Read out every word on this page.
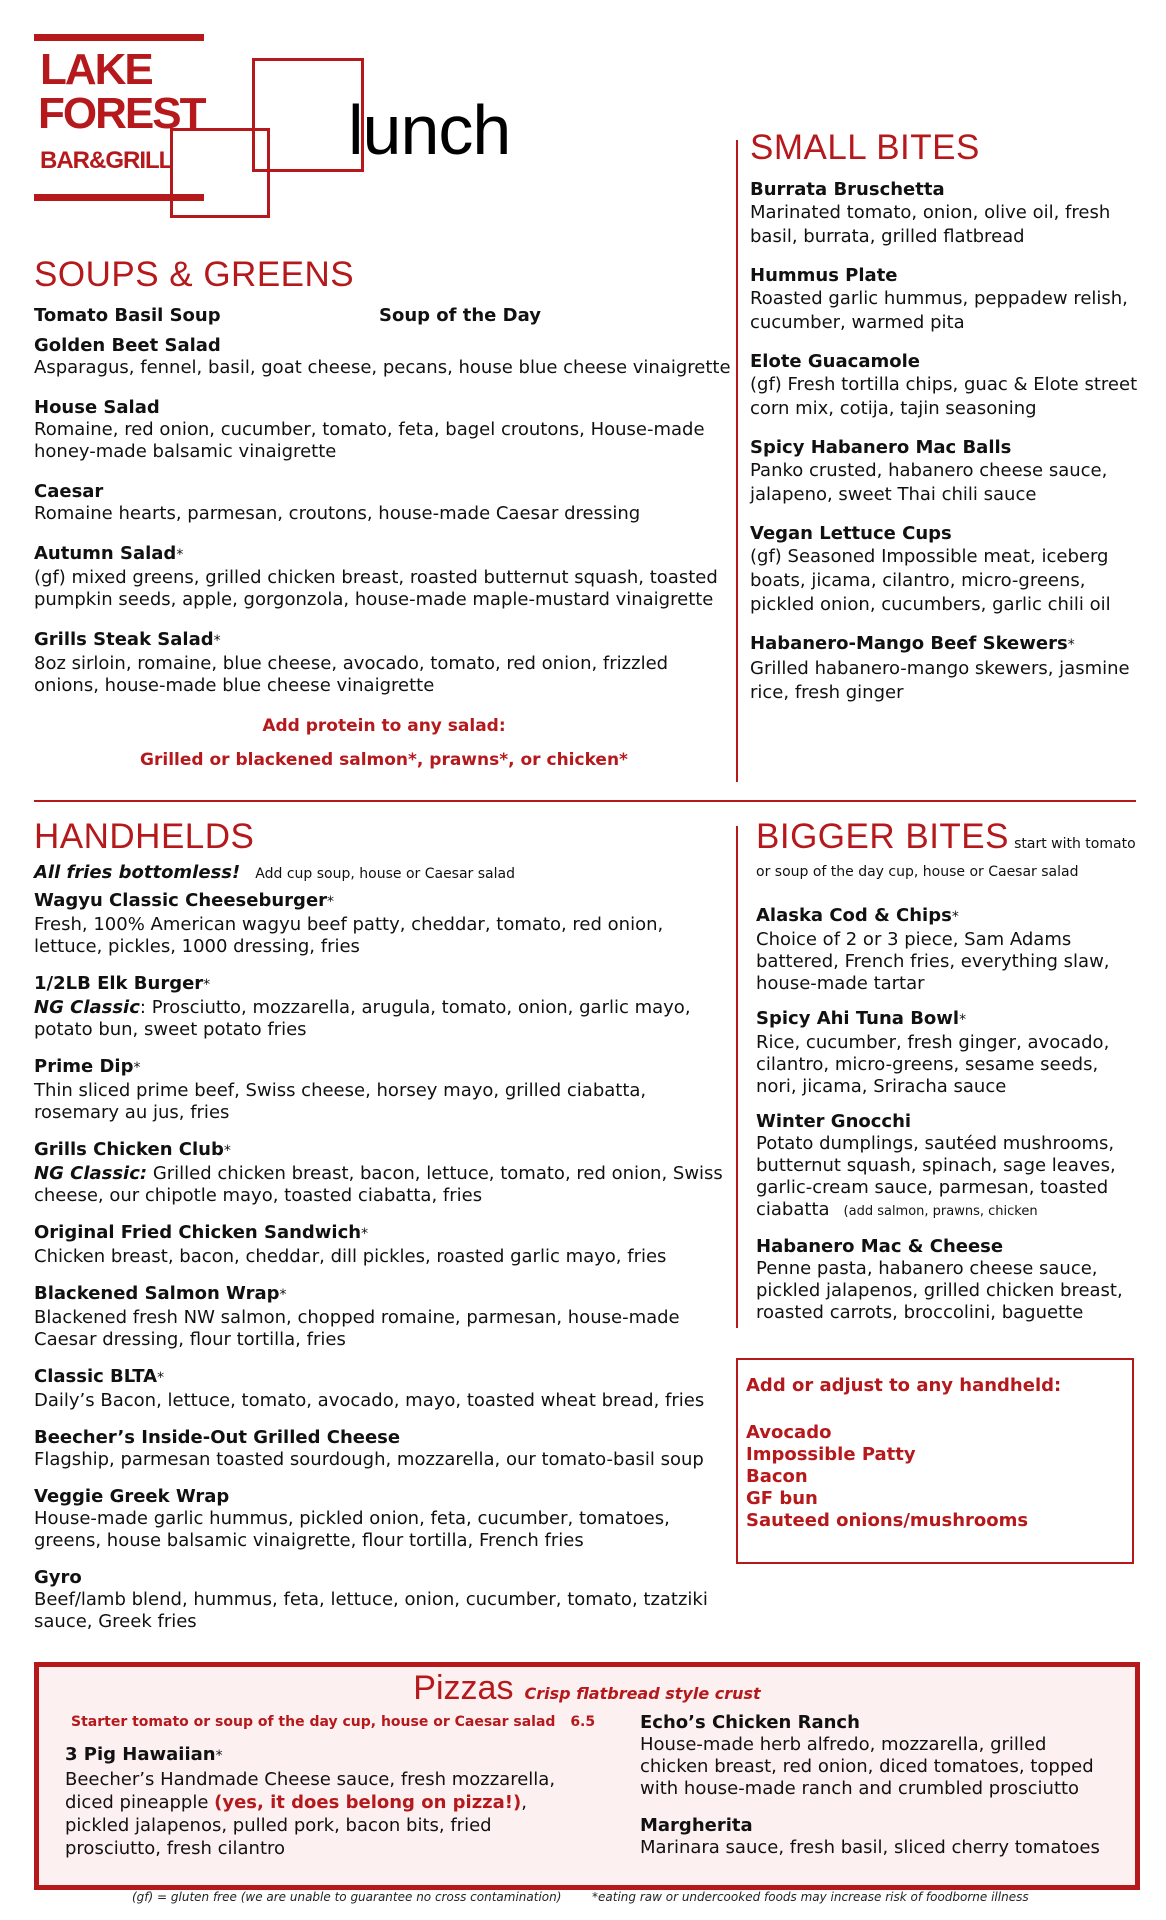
LAKE
FOREST
BAR&GRILL	lunch	SMALL BITES
Burrata Bruschetta
Marinated tomato, onion, olive oil, fresh basil, burrata, grilled flatbread
Hummus Plate
Roasted garlic hummus, peppadew relish, cucumber, warmed pita
Elote Guacamole
(gf) Fresh tortilla chips, guac & Elote street corn mix, cotija, tajin seasoning
Spicy Habanero Mac Balls
Panko crusted, habanero cheese sauce, jalapeno, sweet Thai chili sauce
Vegan Lettuce Cups
(gf) Seasoned Impossible meat, iceberg boats, jicama, cilantro, micro-greens, pickled onion, cucumbers, garlic chili oil
Habanero-Mango Beef Skewers*
Grilled habanero-mango skewers, jasmine rice, fresh ginger
SOUPS & GREENS
Tomato Basil Soup	Soup of the Day
Golden Beet Salad
Asparagus, fennel, basil, goat cheese, pecans, house blue cheese vinaigrette
House Salad
Romaine, red onion, cucumber, tomato, feta, bagel croutons, House-made honey-made balsamic vinaigrette
Caesar
Romaine hearts, parmesan, croutons, house-made Caesar dressing
Autumn Salad*
(gf) mixed greens, grilled chicken breast, roasted butternut squash, toasted pumpkin seeds, apple, gorgonzola, house-made maple-mustard vinaigrette
Grills Steak Salad*
8oz sirloin, romaine, blue cheese, avocado, tomato, red onion, frizzled onions, house-made blue cheese vinaigrette
Add protein to any salad:
Grilled or blackened salmon*, prawns*, or chicken*
HANDHELDS
All fries bottomless! Add cup soup, house or Caesar salad
Wagyu Classic Cheeseburger*
Fresh, 100% American wagyu beef patty, cheddar, tomato, red onion, lettuce, pickles, 1000 dressing, fries
1/2LB Elk Burger*
NG Classic: Prosciutto, mozzarella, arugula, tomato, onion, garlic mayo, potato bun, sweet potato fries
Prime Dip*
Thin sliced prime beef, Swiss cheese, horsey mayo, grilled ciabatta, rosemary au jus, fries
Grills Chicken Club*
NG Classic: Grilled chicken breast, bacon, lettuce, tomato, red onion, Swiss cheese, our chipotle mayo, toasted ciabatta, fries
Original Fried Chicken Sandwich*
Chicken breast, bacon, cheddar, dill pickles, roasted garlic mayo, fries
Blackened Salmon Wrap*
Blackened fresh NW salmon, chopped romaine, parmesan, house-made Caesar dressing, flour tortilla, fries
Classic BLTA*
Daily’s Bacon, lettuce, tomato, avocado, mayo, toasted wheat bread, fries
Beecher’s Inside-Out Grilled Cheese
Flagship, parmesan toasted sourdough, mozzarella, our tomato-basil soup
Veggie Greek Wrap
House-made garlic hummus, pickled onion, feta, cucumber, tomatoes, greens, house balsamic vinaigrette, flour tortilla, French fries
Gyro
Beef/lamb blend, hummus, feta, lettuce, onion, cucumber, tomato, tzatziki sauce, Greek fries
BIGGER BITES start with tomato or soup of the day cup, house or Caesar salad
Alaska Cod & Chips*
Choice of 2 or 3 piece, Sam Adams battered, French fries, everything slaw, house-made tartar
Spicy Ahi Tuna Bowl*
Rice, cucumber, fresh ginger, avocado, cilantro, micro-greens, sesame seeds, nori, jicama, Sriracha sauce
Winter Gnocchi
Potato dumplings, sautéed mushrooms, butternut squash, spinach, sage leaves, garlic-cream sauce, parmesan, toasted ciabatta (add salmon, prawns, chicken
Habanero Mac & Cheese
Penne pasta, habanero cheese sauce, pickled jalapenos, grilled chicken breast, roasted carrots, broccolini, baguette
Add or adjust to any handheld:
Avocado
Impossible Patty
Bacon
GF bun
Sauteed onions/mushrooms
Pizzas Crisp flatbread style crust
Starter tomato or soup of the day cup, house or Caesar salad 6.5
3 Pig Hawaiian*
Beecher’s Handmade Cheese sauce, fresh mozzarella, diced pineapple (yes, it does belong on pizza!), pickled jalapenos, pulled pork, bacon bits, fried prosciutto, fresh cilantro
Echo’s Chicken Ranch
House-made herb alfredo, mozzarella, grilled chicken breast, red onion, diced tomatoes, topped with house-made ranch and crumbled prosciutto
Margherita
Marinara sauce, fresh basil, sliced cherry tomatoes
(gf) = gluten free (we are unable to guarantee no cross contamination)	*eating raw or undercooked foods may increase risk of foodborne illness
